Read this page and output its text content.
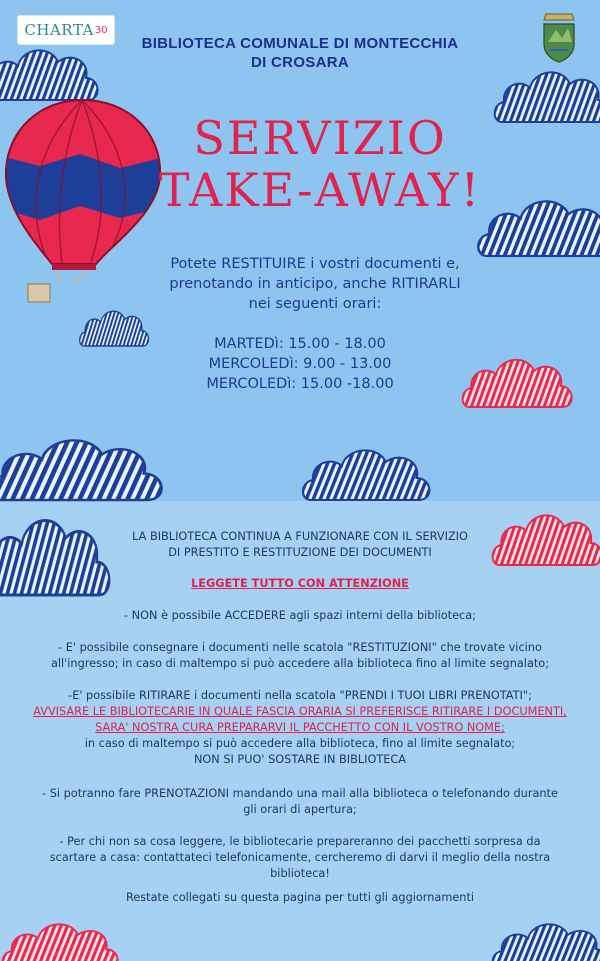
CHARTA 30
BIBLIOTECA COMUNALE DI MONTECCHIA
DI CROSARA
SERVIZIO
TAKE-AWAY!
Potete RESTITUIRE i vostri documenti e,
prenotando in anticipo, anche RITIRARLI
nei seguenti orari:
MARTEDì: 15.00 - 18.00
MERCOLEDì: 9.00 - 13.00
MERCOLEDì: 15.00 -18.00
LA BIBLIOTECA CONTINUA A FUNZIONARE CON IL SERVIZIO
DI PRESTITO E RESTITUZIONE DEI DOCUMENTI
LEGGETE TUTTO CON ATTENZIONE
- NON è possibile ACCEDERE agli spazi interni della biblioteca;
- E' possibile consegnare i documenti nelle scatola "RESTITUZIONI" che trovate vicino
all'ingresso; in caso di maltempo si può accedere alla biblioteca fino al limite segnalato;
-E' possibile RITIRARE i documenti nella scatola "PRENDI I TUOI LIBRI PRENOTATI";
AVVISARE LE BIBLIOTECARIE IN QUALE FASCIA ORARIA SI PREFERISCE RITIRARE I DOCUMENTI,
SARA' NOSTRA CURA PREPARARVI IL PACCHETTO CON IL VOSTRO NOME;
in caso di maltempo si può accedere alla biblioteca, fino al limite segnalato;
NON SI PUO' SOSTARE IN BIBLIOTECA
- Si potranno fare PRENOTAZIONI mandando una mail alla biblioteca o telefonando durante
gli orari di apertura;
- Per chi non sa cosa leggere, le bibliotecarie prepareranno dei pacchetti sorpresa da
scartare a casa: contattateci telefonicamente, cercheremo di darvi il meglio della nostra
biblioteca!
Restate collegati su questa pagina per tutti gli aggiornamenti
